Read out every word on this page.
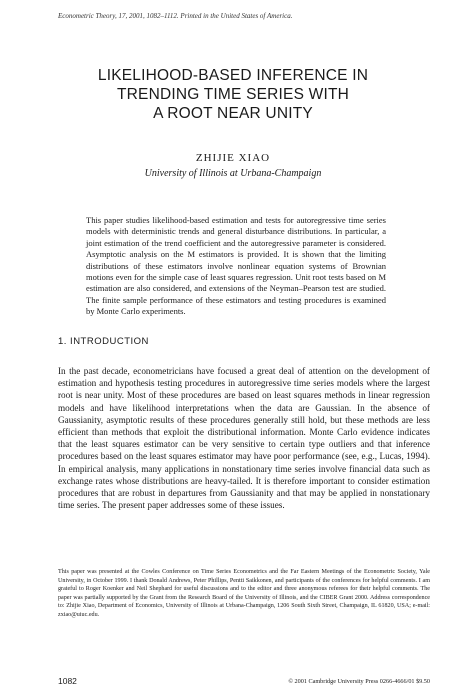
Econometric Theory, 17, 2001, 1082–1112. Printed in the United States of America.
LIKELIHOOD-BASED INFERENCE IN
TRENDING TIME SERIES WITH
A ROOT NEAR UNITY
ZHIJIE XIAO
University of Illinois at Urbana-Champaign
This paper studies likelihood-based estimation and tests for autoregressive time series models with deterministic trends and general disturbance distributions. In particular, a joint estimation of the trend coefficient and the autoregressive parameter is considered. Asymptotic analysis on the M estimators is provided. It is shown that the limiting distributions of these estimators involve nonlinear equation systems of Brownian motions even for the simple case of least squares regression. Unit root tests based on M estimation are also considered, and extensions of the Neyman–Pearson test are studied. The finite sample performance of these estimators and testing procedures is examined by Monte Carlo experiments.
1. INTRODUCTION
In the past decade, econometricians have focused a great deal of attention on the development of estimation and hypothesis testing procedures in autoregressive time series models where the largest root is near unity. Most of these procedures are based on least squares methods in linear regression models and have likelihood interpretations when the data are Gaussian. In the absence of Gaussianity, asymptotic results of these procedures generally still hold, but these methods are less efficient than methods that exploit the distributional information. Monte Carlo evidence indicates that the least squares estimator can be very sensitive to certain type outliers and that inference procedures based on the least squares estimator may have poor performance (see, e.g., Lucas, 1994). In empirical analysis, many applications in nonstationary time series involve financial data such as exchange rates whose distributions are heavy-tailed. It is therefore important to consider estimation procedures that are robust in departures from Gaussianity and that may be applied in nonstationary time series. The present paper addresses some of these issues.
This paper was presented at the Cowles Conference on Time Series Econometrics and the Far Eastern Meetings of the Econometric Society, Yale University, in October 1999. I thank Donald Andrews, Peter Phillips, Pentti Saikkonen, and participants of the conferences for helpful comments. I am grateful to Roger Koenker and Neil Shephard for useful discussions and to the editor and three anonymous referees for their helpful comments. The paper was partially supported by the Grant from the Research Board of the University of Illinois, and the CIBER Grant 2000. Address correspondence to: Zhijie Xiao, Department of Economics, University of Illinois at Urbana-Champaign, 1206 South Sixth Street, Champaign, IL 61820, USA; e-mail: zxiao@uiuc.edu.
1082	© 2001 Cambridge University Press 0266-4666/01 $9.50
